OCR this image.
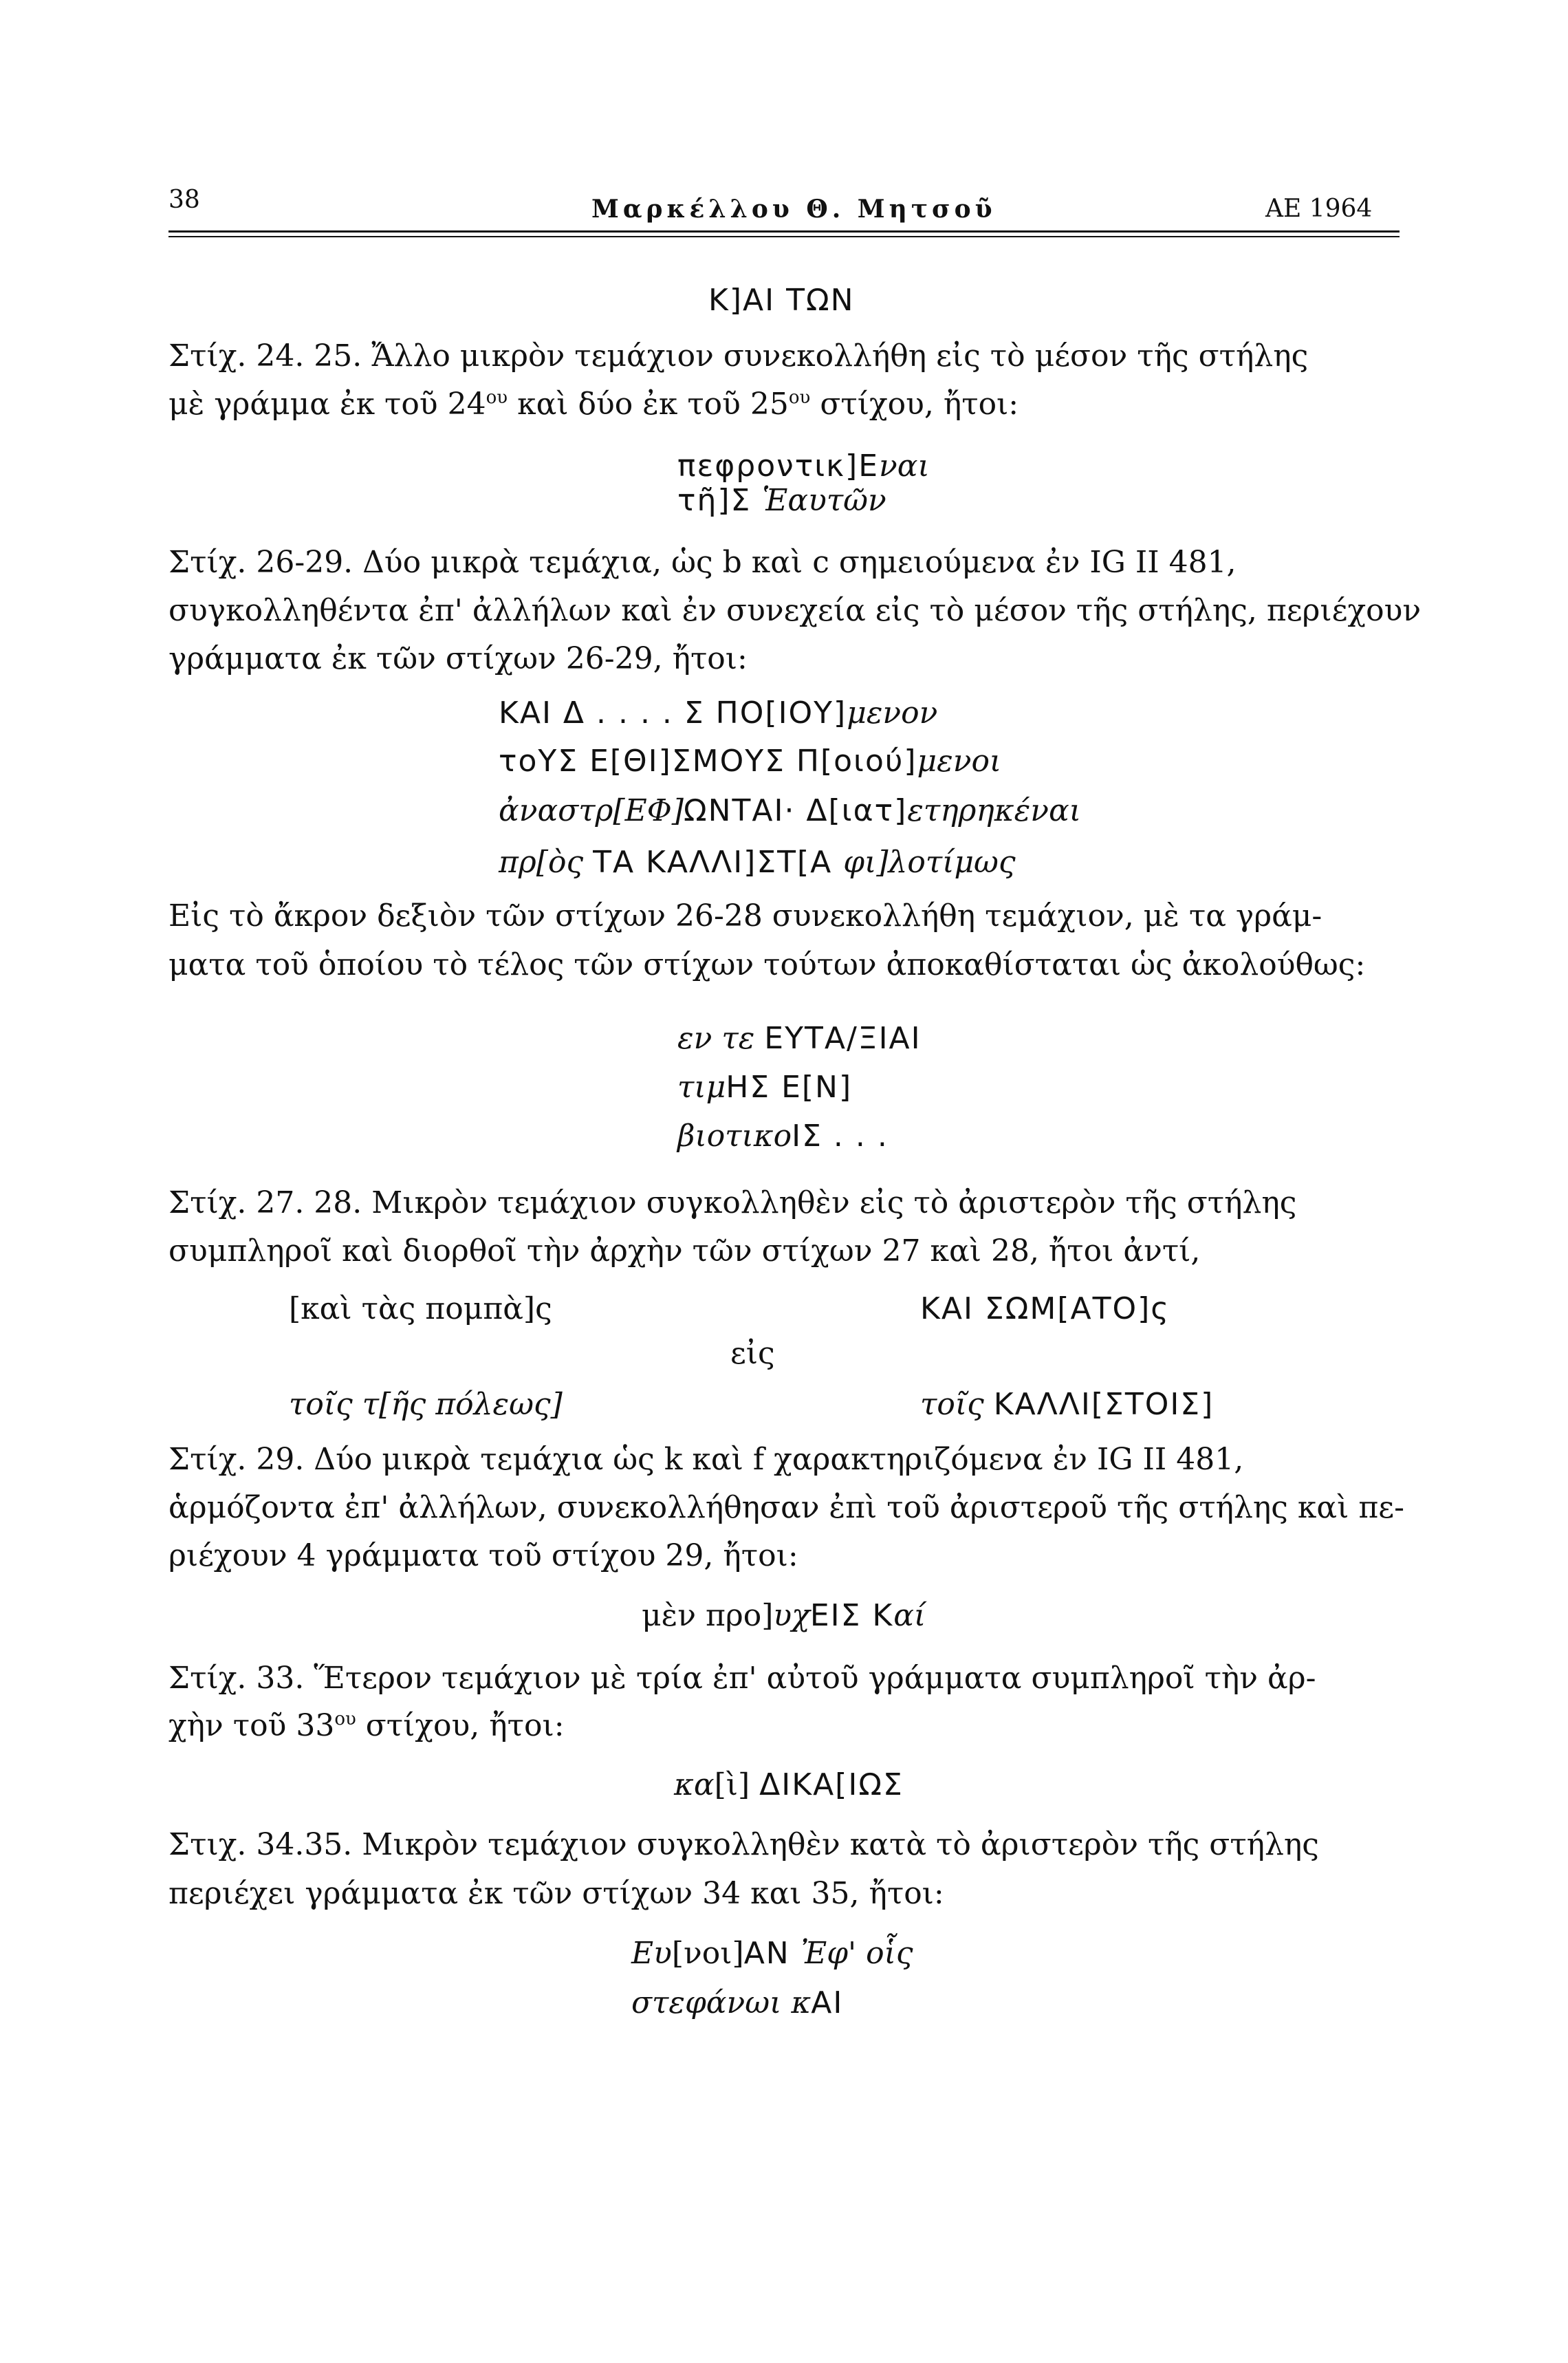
38	Μαρκέλλου Θ. Μητσοῦ	ΑΕ 1964
Κ]ΑΙ ΤΩΝ
Στίχ. 24. 25. Ἄλλο μικρὸν τεμάχιον συνεκολλήθη εἰς τὸ μέσον τῆς στήλης
μὲ γράμμα ἐκ τοῦ $24^{o\upsilon}$ καὶ δύο ἐκ τοῦ $25^{o\upsilon}$ στίχου, ἤτοι:
πεφροντικ]Εναι
τῆ]Σ Ἑαυτῶν
Στίχ. 26-29. Δύο μικρὰ τεμάχια, ὡς b καὶ c σημειούμενα ἐν IG II 481,
συγκολληθέντα ἐπ' ἀλλήλων καὶ ἐν συνεχεία εἰς τὸ μέσον τῆς στήλης, περιέχουν
γράμματα ἐκ τῶν στίχων 26-29, ἤτοι:
ΚΑΙ Δ . . . . Σ ΠΟ[ΙΟΥ]μενον
τοΥΣ Ε[ΘΙ]ΣΜΟΥΣ Π[οιού]μενοι
ἀναστρ[ΕΦ]ΩΝΤΑΙ· Δ[ιατ]ετηρηκέναι
πρ[ὸς ΤΑ ΚΑΛΛΙ]ΣΤ[Α φι]λοτίμως
Εἰς τὸ ἄκρον δεξιὸν τῶν στίχων 26-28 συνεκολλήθη τεμάχιον, μὲ τα γράμ-
ματα τοῦ ὁποίου τὸ τέλος τῶν στίχων τούτων ἀποκαθίσταται ὡς ἀκολούθως:
εν τε ΕΥΤΑ/ΞΙΑΙ
τιμΗΣ Ε[Ν]
βιοτικοΙΣ . . .
Στίχ. 27. 28. Μικρὸν τεμάχιον συγκολληθὲν εἰς τὸ ἀριστερὸν τῆς στήλης
συμπληροῖ καὶ διορθοῖ τὴν ἀρχὴν τῶν στίχων 27 καὶ 28, ἤτοι ἀντί,
[καὶ τὰς πομπὰ]ς	ΚΑΙ ΣΩΜ[ΑΤΟ]ς
εἰς
τοῖς τ[ῆς πόλεως]	τοῖς ΚΑΛΛΙ[ΣΤΟΙΣ]
Στίχ. 29. Δύο μικρὰ τεμάχια ὡς k καὶ f χαρακτηριζόμενα ἐν IG II 481,
ἁρμόζοντα ἐπ' ἀλλήλων, συνεκολλήθησαν ἐπὶ τοῦ ἀριστεροῦ τῆς στήλης καὶ πε-
ριέχουν 4 γράμματα τοῦ στίχου 29, ἤτοι:
μὲν προ]υχΕΙΣ Καί
Στίχ. 33. Ἕτερον τεμάχιον μὲ τρία ἐπ' αὐτοῦ γράμματα συμπληροῖ τὴν ἀρ-
χὴν τοῦ $33^{o\upsilon}$ στίχου, ἤτοι:
κα[ὶ] ΔΙΚΑ[ΙΩΣ
Στιχ. 34.35. Μικρὸν τεμάχιον συγκολληθὲν κατὰ τὸ ἀριστερὸν τῆς στήλης
περιέχει γράμματα ἐκ τῶν στίχων 34 και 35, ἤτοι:
Ευ[νοι]ΑΝ Ἐφ' οἷς
στεφάνωι κΑΙ
